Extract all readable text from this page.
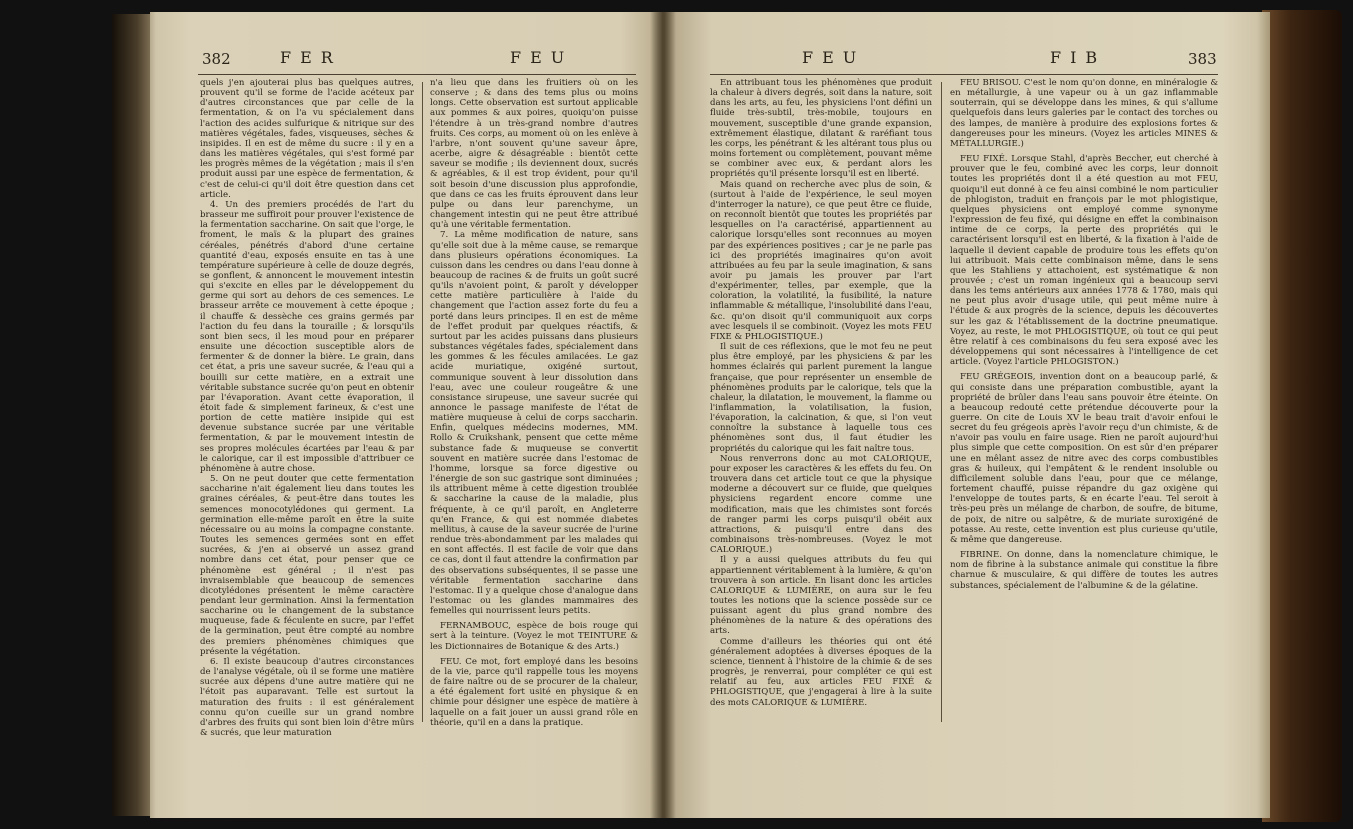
382	FER	FEU

quels j'en ajouterai plus bas quelques autres, prouvent qu'il se forme de l'acide acéteux par d'autres circonstances que par celle de la fermentation, & on l'a vu spécialement dans l'action des acides sulfurique & nitrique sur des matières végétales, fades, visqueuses, sèches & insipides. Il en est de même du sucre : il y en a dans les matières végétales, qui s'est formé par les progrès mêmes de la végétation ; mais il s'en produit aussi par une espèce de fermentation, & c'est de celui-ci qu'il doit être question dans cet article.

4. Un des premiers procédés de l'art du brasseur me suffiroit pour prouver l'existence de la fermentation saccharine. On sait que l'orge, le froment, le maïs & la plupart des graines céréales, pénétrés d'abord d'une certaine quantité d'eau, exposés ensuite en tas à une température supérieure à celle de douze degrés, se gonflent, & annoncent le mouvement intestin qui s'excite en elles par le développement du germe qui sort au dehors de ces semences. Le brasseur arrête ce mouvement à cette époque ; il chauffe & dessèche ces grains germés par l'action du feu dans la touraille ; & lorsqu'ils sont bien secs, il les moud pour en préparer ensuite une décoction susceptible alors de fermenter & de donner la bière. Le grain, dans cet état, a pris une saveur sucrée, & l'eau qui a bouilli sur cette matière, en a extrait une véritable substance sucrée qu'on peut en obtenir par l'évaporation. Avant cette évaporation, il étoit fade & simplement farineux, & c'est une portion de cette matière insipide qui est devenue substance sucrée par une véritable fermentation, & par le mouvement intestin de ses propres molécules écartées par l'eau & par le calorique, car il est impossible d'attribuer ce phénomène à autre chose.

5. On ne peut douter que cette fermentation saccharine n'ait également lieu dans toutes les graines céréales, & peut-être dans toutes les semences monocotylédones qui germent. La germination elle-même paroît en être la suite nécessaire ou au moins la compagne constante. Toutes les semences germées sont en effet sucrées, & j'en ai observé un assez grand nombre dans cet état, pour penser que ce phénomène est général ; il n'est pas invraisemblable que beaucoup de semences dicotylédones présentent le même caractère pendant leur germination. Ainsi la fermentation saccharine ou le changement de la substance muqueuse, fade & féculente en sucre, par l'effet de la germination, peut être compté au nombre des premiers phénomènes chimiques que présente la végétation.

6. Il existe beaucoup d'autres circonstances de l'analyse végétale, où il se forme une matière sucrée aux dépens d'une autre matière qui ne l'étoit pas auparavant. Telle est surtout la maturation des fruits : il est généralement connu qu'on cueille sur un grand nombre d'arbres des fruits qui sont bien loin d'être mûrs & sucrés, que leur maturation

n'a lieu que dans les fruitiers où on les conserve ; & dans des tems plus ou moins longs. Cette observation est surtout applicable aux pommes & aux poires, quoiqu'on puisse l'étendre à un très-grand nombre d'autres fruits. Ces corps, au moment où on les enlève à l'arbre, n'ont souvent qu'une saveur âpre, acerbe, aigre & désagréable : bientôt cette saveur se modifie ; ils deviennent doux, sucrés & agréables, & il est trop évident, pour qu'il soit besoin d'une discussion plus approfondie, que dans ce cas les fruits éprouvent dans leur pulpe ou dans leur parenchyme, un changement intestin qui ne peut être attribué qu'à une véritable fermentation.

7. La même modification de nature, sans qu'elle soit due à la même cause, se remarque dans plusieurs opérations économiques. La cuisson dans les cendres ou dans l'eau donne à beaucoup de racines & de fruits un goût sucré qu'ils n'avoient point, & paroît y développer cette matière particulière à l'aide du changement que l'action assez forte du feu a porté dans leurs principes. Il en est de même de l'effet produit par quelques réactifs, & surtout par les acides puissans dans plusieurs substances végétales fades, spécialement dans les gommes & les fécules amilacées. Le gaz acide muriatique, oxigéné surtout, communique souvent à leur dissolution dans l'eau, avec une couleur rougeâtre & une consistance sirupeuse, une saveur sucrée qui annonce le passage manifeste de l'état de matière muqueuse à celui de corps saccharin. Enfin, quelques médecins modernes, MM. Rollo & Cruikshank, pensent que cette même substance fade & muqueuse se convertit souvent en matière sucrée dans l'estomac de l'homme, lorsque sa force digestive ou l'énergie de son suc gastrique sont diminuées ; ils attribuent même à cette digestion troublée & saccharine la cause de la maladie, plus fréquente, à ce qu'il paroît, en Angleterre qu'en France, & qui est nommée diabetes mellitus, à cause de la saveur sucrée de l'urine rendue très-abondamment par les malades qui en sont affectés. Il est facile de voir que dans ce cas, dont il faut attendre la confirmation par des observations subséquentes, il se passe une véritable fermentation saccharine dans l'estomac. Il y a quelque chose d'analogue dans l'estomac ou les glandes mammaires des femelles qui nourrissent leurs petits.

FERNAMBOUC, espèce de bois rouge qui sert à la teinture. (Voyez le mot TEINTURE & les Dictionnaires de Botanique & des Arts.)

FEU. Ce mot, fort employé dans les besoins de la vie, parce qu'il rappelle tous les moyens de faire naître ou de se procurer de la chaleur, a été également fort usité en physique & en chimie pour désigner une espèce de matière à laquelle on a fait jouer un aussi grand rôle en théorie, qu'il en a dans la pratique.

FEU	FIB	383

En attribuant tous les phénomènes que produit la chaleur à divers degrés, soit dans la nature, soit dans les arts, au feu, les physiciens l'ont défini un fluide très-subtil, très-mobile, toujours en mouvement, susceptible d'une grande expansion, extrêmement élastique, dilatant & raréfiant tous les corps, les pénétrant & les altérant tous plus ou moins fortement ou complètement, pouvant même se combiner avec eux, & perdant alors les propriétés qu'il présente lorsqu'il est en liberté.

Mais quand on recherche avec plus de soin, & (surtout à l'aide de l'expérience, le seul moyen d'interroger la nature), ce que peut être ce fluide, on reconnoît bientôt que toutes les propriétés par lesquelles on l'a caractérisé, appartiennent au calorique lorsqu'elles sont reconnues au moyen par des expériences positives ; car je ne parle pas ici des propriétés imaginaires qu'on avoit attribuées au feu par la seule imagination, & sans avoir pu jamais les prouver par l'art d'expérimenter, telles, par exemple, que la coloration, la volatilité, la fusibilité, la nature inflammable & métallique, l'insolubilité dans l'eau, &c. qu'on disoit qu'il communiquoit aux corps avec lesquels il se combinoit. (Voyez les mots FEU FIXE & PHLOGISTIQUE.)

Il suit de ces réflexions, que le mot feu ne peut plus être employé, par les physiciens & par les hommes éclairés qui parlent purement la langue française, que pour représenter un ensemble de phénomènes produits par le calorique, tels que la chaleur, la dilatation, le mouvement, la flamme ou l'inflammation, la volatilisation, la fusion, l'évaporation, la calcination, & que, si l'on veut connoître la substance à laquelle tous ces phénomènes sont dus, il faut étudier les propriétés du calorique qui les fait naître tous.

Nous renverrons donc au mot CALORIQUE, pour exposer les caractères & les effets du feu. On trouvera dans cet article tout ce que la physique moderne a découvert sur ce fluide, que quelques physiciens regardent encore comme une modification, mais que les chimistes sont forcés de ranger parmi les corps puisqu'il obéit aux attractions, & puisqu'il entre dans des combinaisons très-nombreuses. (Voyez le mot CALORIQUE.)

Il y a aussi quelques attributs du feu qui appartiennent véritablement à la lumière, & qu'on trouvera à son article. En lisant donc les articles CALORIQUE & LUMIÈRE, on aura sur le feu toutes les notions que la science possède sur ce puissant agent du plus grand nombre des phénomènes de la nature & des opérations des arts.

Comme d'ailleurs les théories qui ont été généralement adoptées à diverses époques de la science, tiennent à l'histoire de la chimie & de ses progrès, je renverrai, pour compléter ce qui est relatif au feu, aux articles FEU FIXÉ & PHLOGISTIQUE, que j'engagerai à lire à la suite des mots CALORIQUE & LUMIÈRE.

FEU BRISOU. C'est le nom qu'on donne, en minéralogie & en métallurgie, à une vapeur ou à un gaz inflammable souterrain, qui se développe dans les mines, & qui s'allume quelquefois dans leurs galeries par le contact des torches ou des lampes, de manière à produire des explosions fortes & dangereuses pour les mineurs. (Voyez les articles MINES & MÉTALLURGIE.)

FEU FIXÉ. Lorsque Stahl, d'après Beccher, eut cherché à prouver que le feu, combiné avec les corps, leur donnoit toutes les propriétés dont il a été question au mot FEU, quoiqu'il eut donné à ce feu ainsi combiné le nom particulier de phlogiston, traduit en françois par le mot phlogistique, quelques physiciens ont employé comme synonyme l'expression de feu fixé, qui désigne en effet la combinaison intime de ce corps, la perte des propriétés qui le caractérisent lorsqu'il est en liberté, & la fixation à l'aide de laquelle il devient capable de produire tous les effets qu'on lui attribuoit. Mais cette combinaison même, dans le sens que les Stahliens y attachoient, est systématique & non prouvée ; c'est un roman ingénieux qui a beaucoup servi dans les tems antérieurs aux années 1778 & 1780, mais qui ne peut plus avoir d'usage utile, qui peut même nuire à l'étude & aux progrès de la science, depuis les découvertes sur les gaz & l'établissement de la doctrine pneumatique. Voyez, au reste, le mot PHLOGISTIQUE, où tout ce qui peut être relatif à ces combinaisons du feu sera exposé avec les développemens qui sont nécessaires à l'intelligence de cet article. (Voyez l'article PHLOGISTON.)

FEU GRÉGEOIS, invention dont on a beaucoup parlé, & qui consiste dans une préparation combustible, ayant la propriété de brûler dans l'eau sans pouvoir être éteinte. On a beaucoup redouté cette prétendue découverte pour la guerre. On cite de Louis XV le beau trait d'avoir enfoui le secret du feu grégeois après l'avoir reçu d'un chimiste, & de n'avoir pas voulu en faire usage. Rien ne paroît aujourd'hui plus simple que cette composition. On est sûr d'en préparer une en mêlant assez de nitre avec des corps combustibles gras & huileux, qui l'empâtent & le rendent insoluble ou difficilement soluble dans l'eau, pour que ce mélange, fortement chauffé, puisse répandre du gaz oxigène qui l'enveloppe de toutes parts, & en écarte l'eau. Tel seroit à très-peu près un mélange de charbon, de soufre, de bitume, de poix, de nitre ou salpêtre, & de muriate suroxigéné de potasse. Au reste, cette invention est plus curieuse qu'utile, & même que dangereuse.

FIBRINE. On donne, dans la nomenclature chimique, le nom de fibrine à la substance animale qui constitue la fibre charnue & musculaire, & qui diffère de toutes les autres substances, spécialement de l'albumine & de la gélatine.
